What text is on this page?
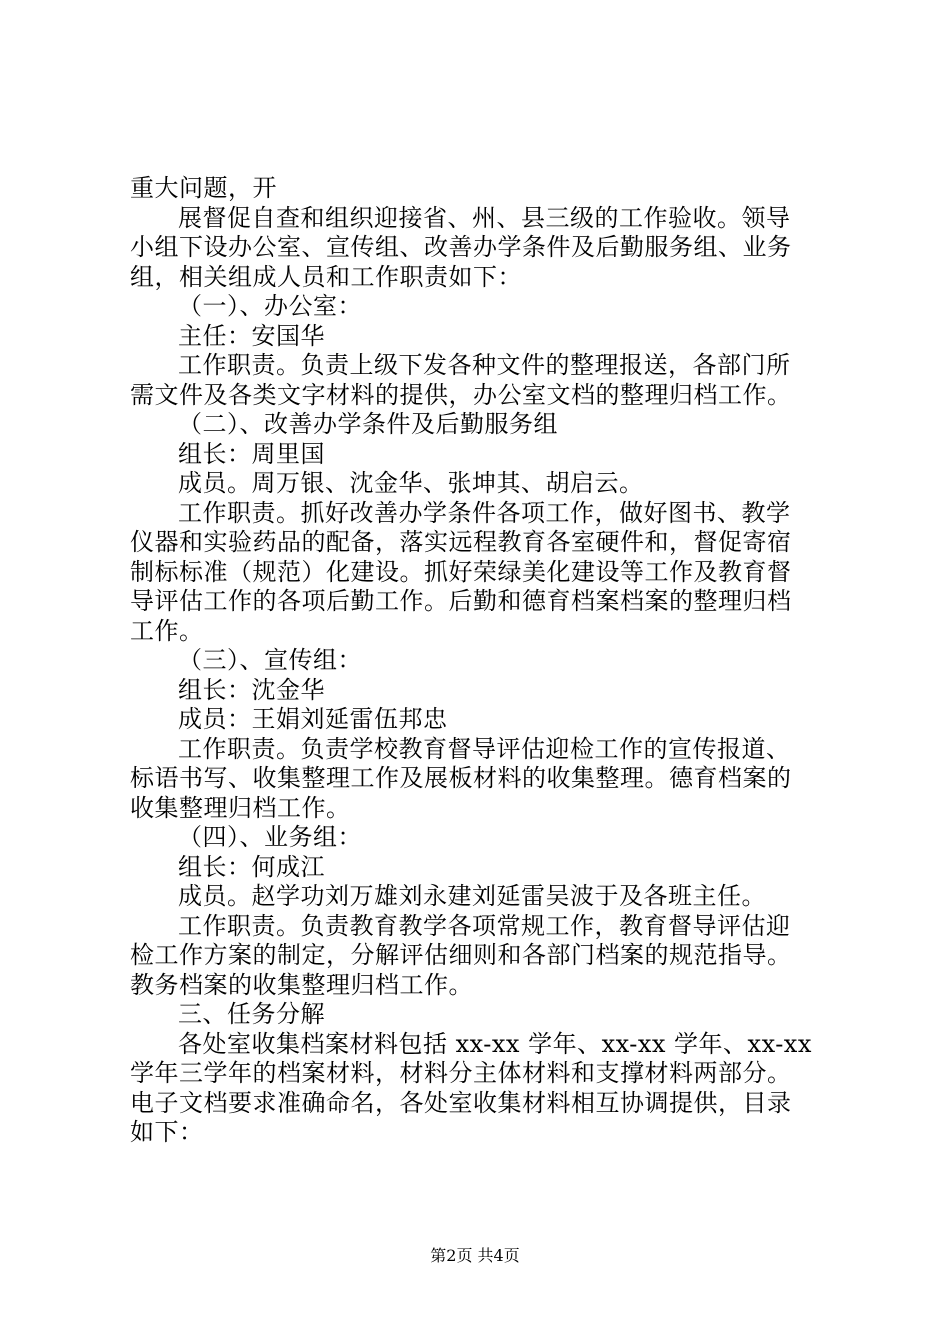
重大问题，开
展督促自查和组织迎接省、州、县三级的工作验收。领导
小组下设办公室、宣传组、改善办学条件及后勤服务组、业务
组，相关组成人员和工作职责如下：
（一）、办公室：
主任：安国华
工作职责。负责上级下发各种文件的整理报送，各部门所
需文件及各类文字材料的提供，办公室文档的整理归档工作。
（二）、改善办学条件及后勤服务组
组长：周里国
成员。周万银、沈金华、张坤其、胡启云。
工作职责。抓好改善办学条件各项工作，做好图书、教学
仪器和实验药品的配备，落实远程教育各室硬件和，督促寄宿
制标标准（规范）化建设。抓好荣绿美化建设等工作及教育督
导评估工作的各项后勤工作。后勤和德育档案档案的整理归档
工作。
（三）、宣传组：
组长：沈金华
成员：王娟刘延雷伍邦忠
工作职责。负责学校教育督导评估迎检工作的宣传报道、
标语书写、收集整理工作及展板材料的收集整理。德育档案的
收集整理归档工作。
（四）、业务组：
组长：何成江
成员。赵学功刘万雄刘永建刘延雷吴波于及各班主任。
工作职责。负责教育教学各项常规工作，教育督导评估迎
检工作方案的制定，分解评估细则和各部门档案的规范指导。
教务档案的收集整理归档工作。
三、任务分解
各处室收集档案材料包括 xx-xx 学年、xx-xx 学年、xx-xx
学年三学年的档案材料，材料分主体材料和支撑材料两部分。
电子文档要求准确命名，各处室收集材料相互协调提供，目录
如下：
第2页 共4页
